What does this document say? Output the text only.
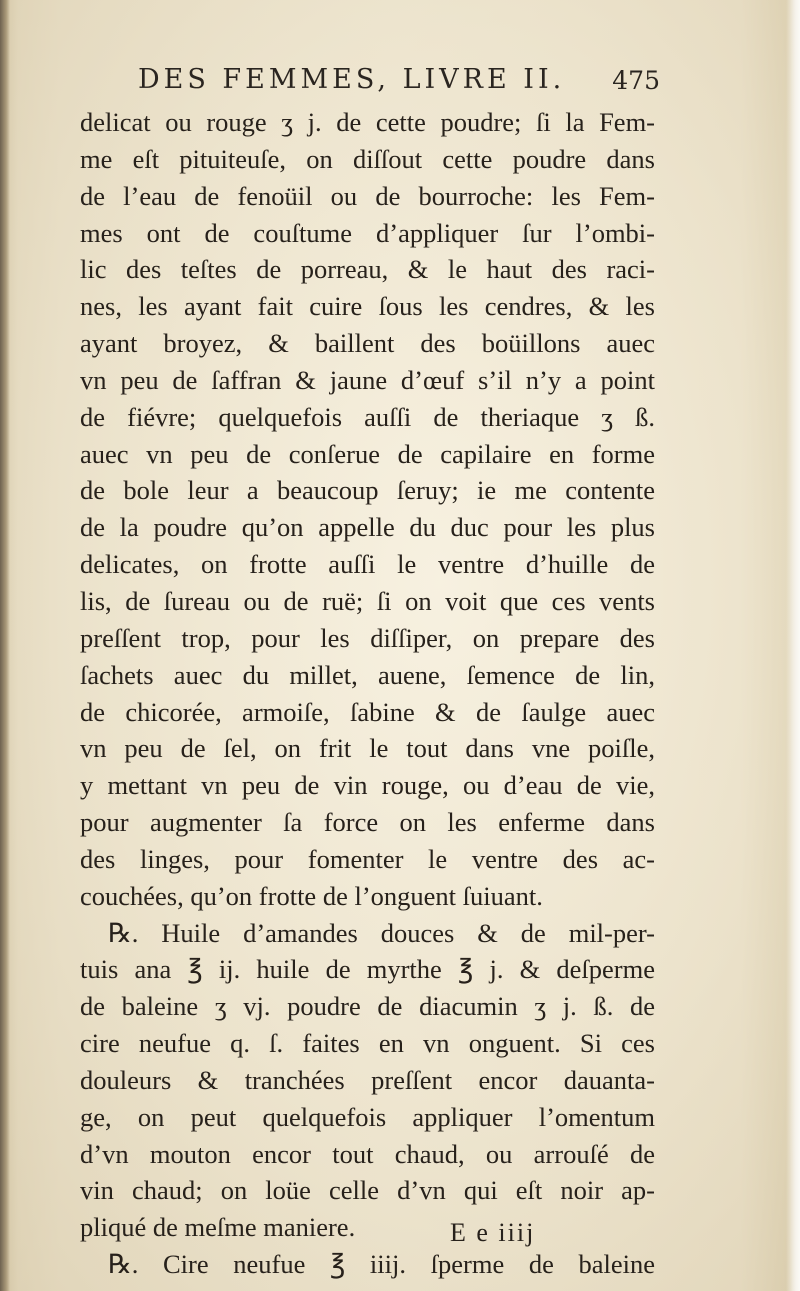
DES FEMMES, LIVRE II. 475
delicat ou rouge ʒ j. de cette poudre; ſi la Fem-
me eſt pituiteuſe, on diſſout cette poudre dans
de l’eau de fenoüil ou de bourroche: les Fem-
mes ont de couſtume d’appliquer ſur l’ombi-
lic des teſtes de porreau, & le haut des raci-
nes, les ayant fait cuire ſous les cendres, & les
ayant broyez, & baillent des boüillons auec
vn peu de ſaffran & jaune d’œuf s’il n’y a point
de fiévre; quelquefois auſſi de theriaque ʒ ß.
auec vn peu de conſerue de capilaire en forme
de bole leur a beaucoup ſeruy; ie me contente
de la poudre qu’on appelle du duc pour les plus
delicates, on frotte auſſi le ventre d’huille de
lis, de ſureau ou de ruë; ſi on voit que ces vents
preſſent trop, pour les diſſiper, on prepare des
ſachets auec du millet, auene, ſemence de lin,
de chicorée, armoiſe, ſabine & de ſaulge auec
vn peu de ſel, on frit le tout dans vne poiſle,
y mettant vn peu de vin rouge, ou d’eau de vie,
pour augmenter ſa force on les enferme dans
des linges, pour fomenter le ventre des ac-
couchées, qu’on frotte de l’onguent ſuiuant.
℞. Huile d’amandes douces & de mil-per-
tuis ana ℥ ij. huile de myrthe ℥ j. & deſperme
de baleine ʒ vj. poudre de diacumin ʒ j. ß. de
cire neufue q. ſ. faites en vn onguent. Si ces
douleurs & tranchées preſſent encor dauanta-
ge, on peut quelquefois appliquer l’omentum
d’vn mouton encor tout chaud, ou arrouſé de
vin chaud; on loüe celle d’vn qui eſt noir ap-
pliqué de meſme maniere.
℞. Cire neufue ℥ iiij. ſperme de baleine
E e iiij
